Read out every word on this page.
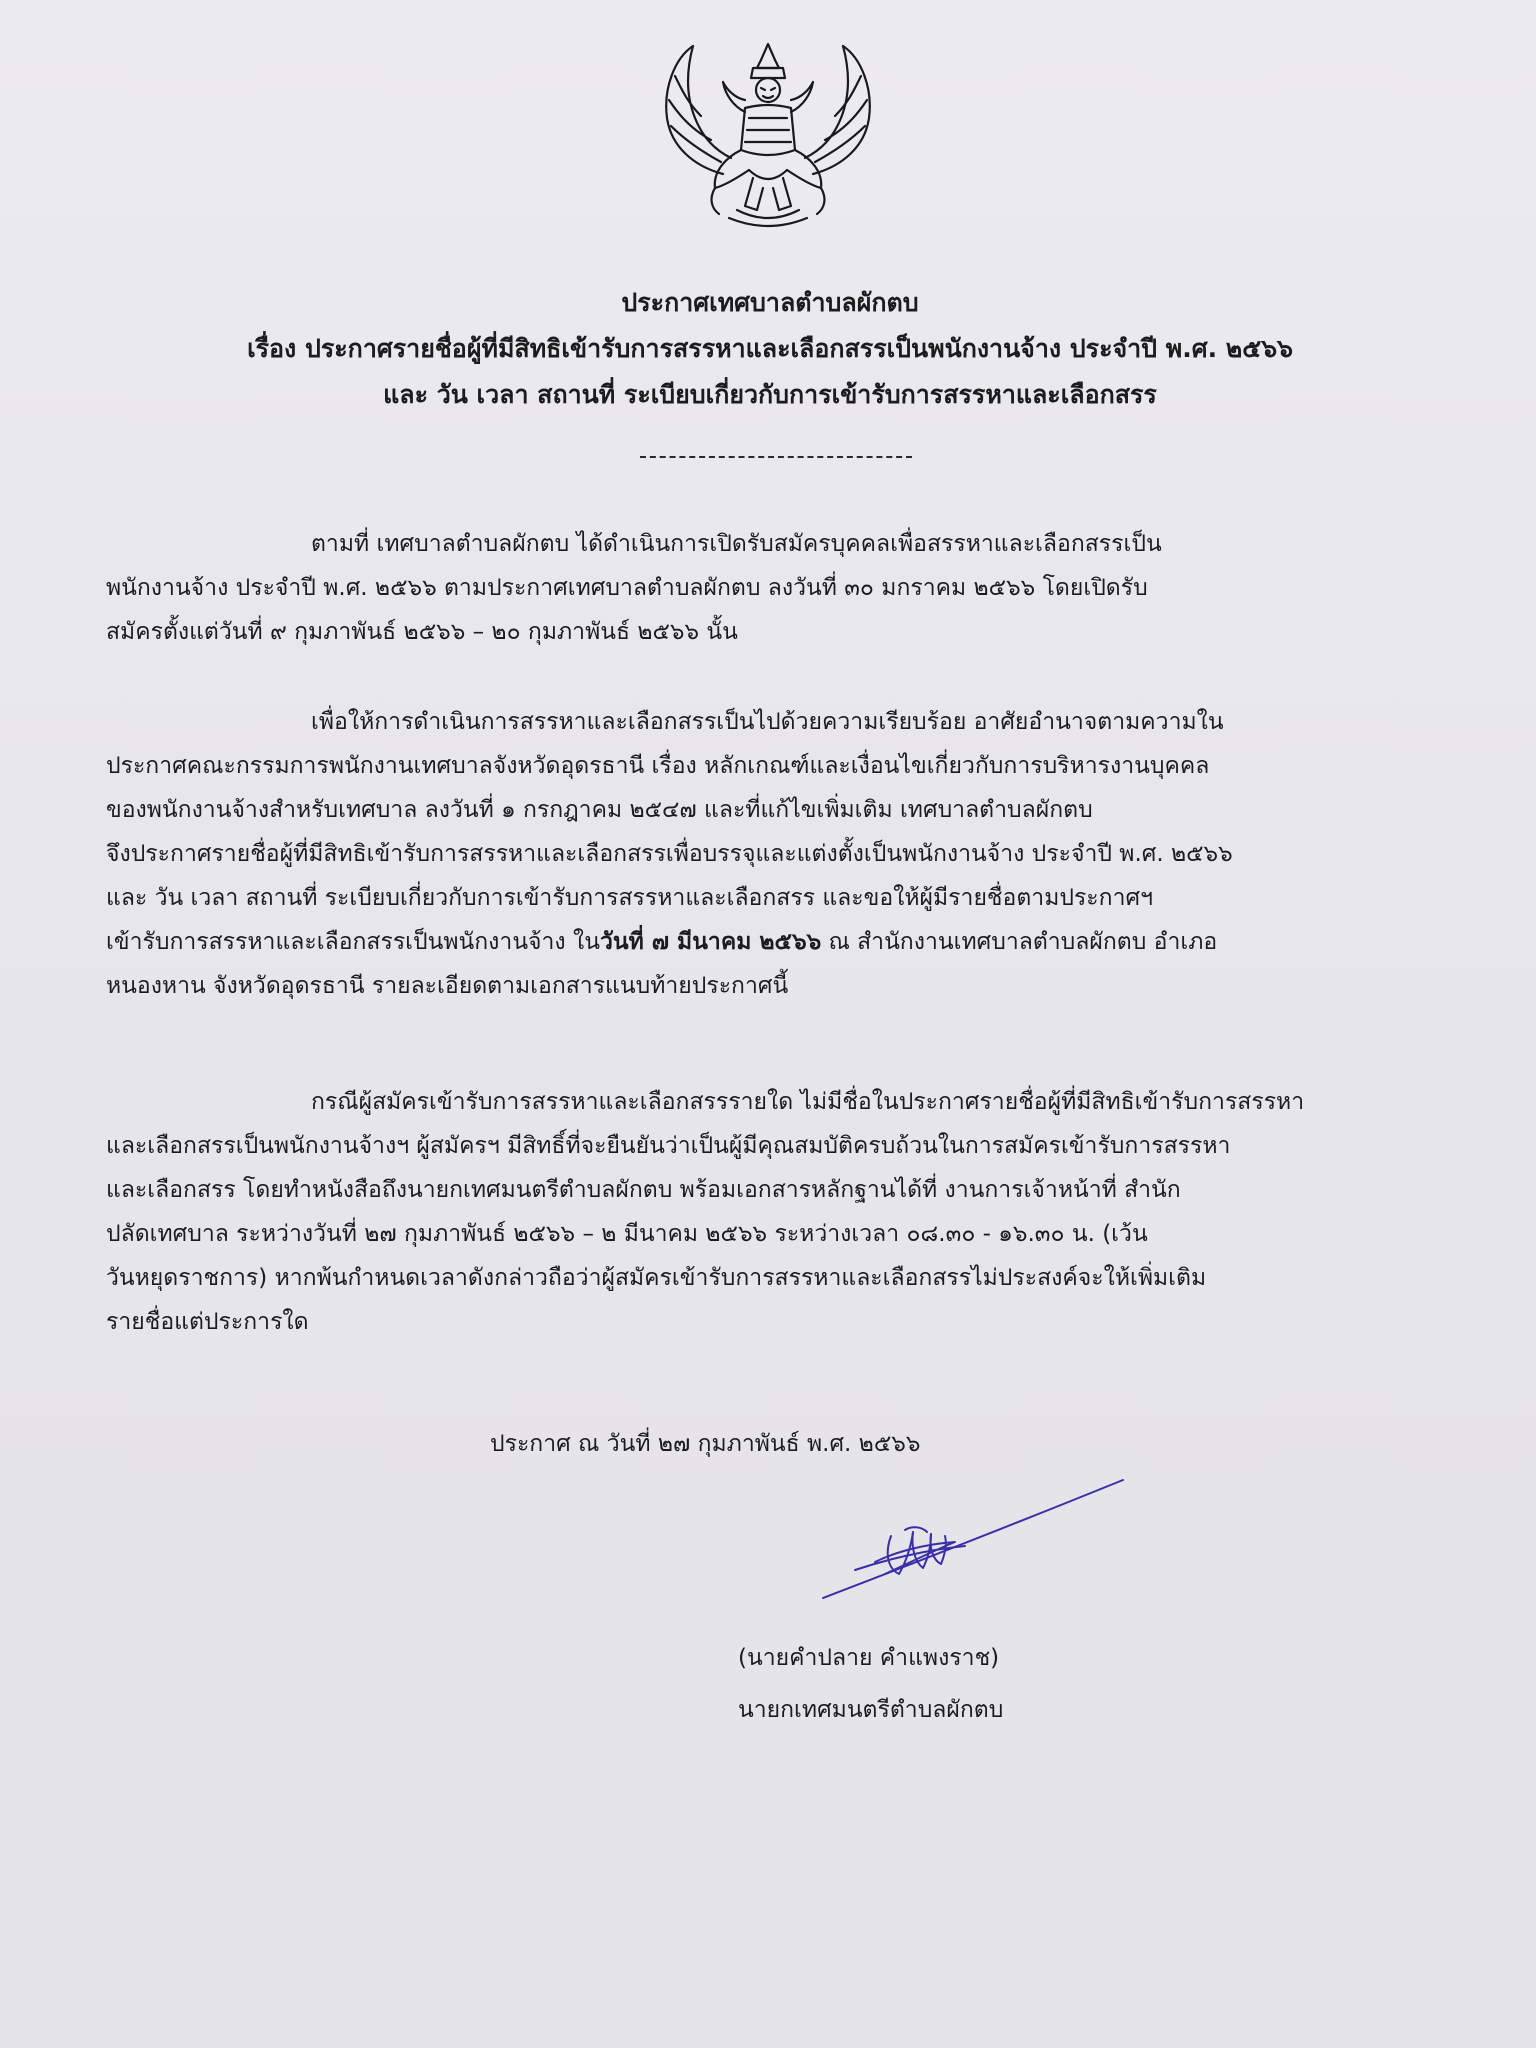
ประกาศเทศบาลตำบลผักตบ
เรื่อง ประกาศรายชื่อผู้ที่มีสิทธิเข้ารับการสรรหาและเลือกสรรเป็นพนักงานจ้าง ประจำปี พ.ศ. ๒๕๖๖
และ วัน เวลา สถานที่ ระเบียบเกี่ยวกับการเข้ารับการสรรหาและเลือกสรร
ตามที่ เทศบาลตำบลผักตบ ได้ดำเนินการเปิดรับสมัครบุคคลเพื่อสรรหาและเลือกสรรเป็น
พนักงานจ้าง ประจำปี พ.ศ. ๒๕๖๖ ตามประกาศเทศบาลตำบลผักตบ ลงวันที่ ๓๐ มกราคม ๒๕๖๖ โดยเปิดรับ
สมัครตั้งแต่วันที่ ๙ กุมภาพันธ์ ๒๕๖๖ – ๒๐ กุมภาพันธ์ ๒๕๖๖ นั้น
เพื่อให้การดำเนินการสรรหาและเลือกสรรเป็นไปด้วยความเรียบร้อย อาศัยอำนาจตามความใน
ประกาศคณะกรรมการพนักงานเทศบาลจังหวัดอุดรธานี เรื่อง หลักเกณฑ์และเงื่อนไขเกี่ยวกับการบริหารงานบุคคล
ของพนักงานจ้างสำหรับเทศบาล ลงวันที่ ๑ กรกฎาคม ๒๕๔๗ และที่แก้ไขเพิ่มเติม เทศบาลตำบลผักตบ
จึงประกาศรายชื่อผู้ที่มีสิทธิเข้ารับการสรรหาและเลือกสรรเพื่อบรรจุและแต่งตั้งเป็นพนักงานจ้าง ประจำปี พ.ศ. ๒๕๖๖
และ วัน เวลา สถานที่ ระเบียบเกี่ยวกับการเข้ารับการสรรหาและเลือกสรร และขอให้ผู้มีรายชื่อตามประกาศฯ
เข้ารับการสรรหาและเลือกสรรเป็นพนักงานจ้าง ในวันที่ ๗ มีนาคม ๒๕๖๖ ณ สำนักงานเทศบาลตำบลผักตบ อำเภอ
หนองหาน จังหวัดอุดรธานี รายละเอียดตามเอกสารแนบท้ายประกาศนี้
กรณีผู้สมัครเข้ารับการสรรหาและเลือกสรรรายใด ไม่มีชื่อในประกาศรายชื่อผู้ที่มีสิทธิเข้ารับการสรรหา
และเลือกสรรเป็นพนักงานจ้างฯ ผู้สมัครฯ มีสิทธิ์ที่จะยืนยันว่าเป็นผู้มีคุณสมบัติครบถ้วนในการสมัครเข้ารับการสรรหา
และเลือกสรร โดยทำหนังสือถึงนายกเทศมนตรีตำบลผักตบ พร้อมเอกสารหลักฐานได้ที่ งานการเจ้าหน้าที่ สำนัก
ปลัดเทศบาล ระหว่างวันที่ ๒๗ กุมภาพันธ์ ๒๕๖๖ – ๒ มีนาคม ๒๕๖๖ ระหว่างเวลา ๐๘.๓๐ - ๑๖.๓๐ น. (เว้น
วันหยุดราชการ) หากพ้นกำหนดเวลาดังกล่าวถือว่าผู้สมัครเข้ารับการสรรหาและเลือกสรรไม่ประสงค์จะให้เพิ่มเติม
รายชื่อแต่ประการใด
ประกาศ ณ วันที่ ๒๗ กุมภาพันธ์ พ.ศ. ๒๕๖๖
(นายคำปลาย คำแพงราช)
นายกเทศมนตรีตำบลผักตบ
